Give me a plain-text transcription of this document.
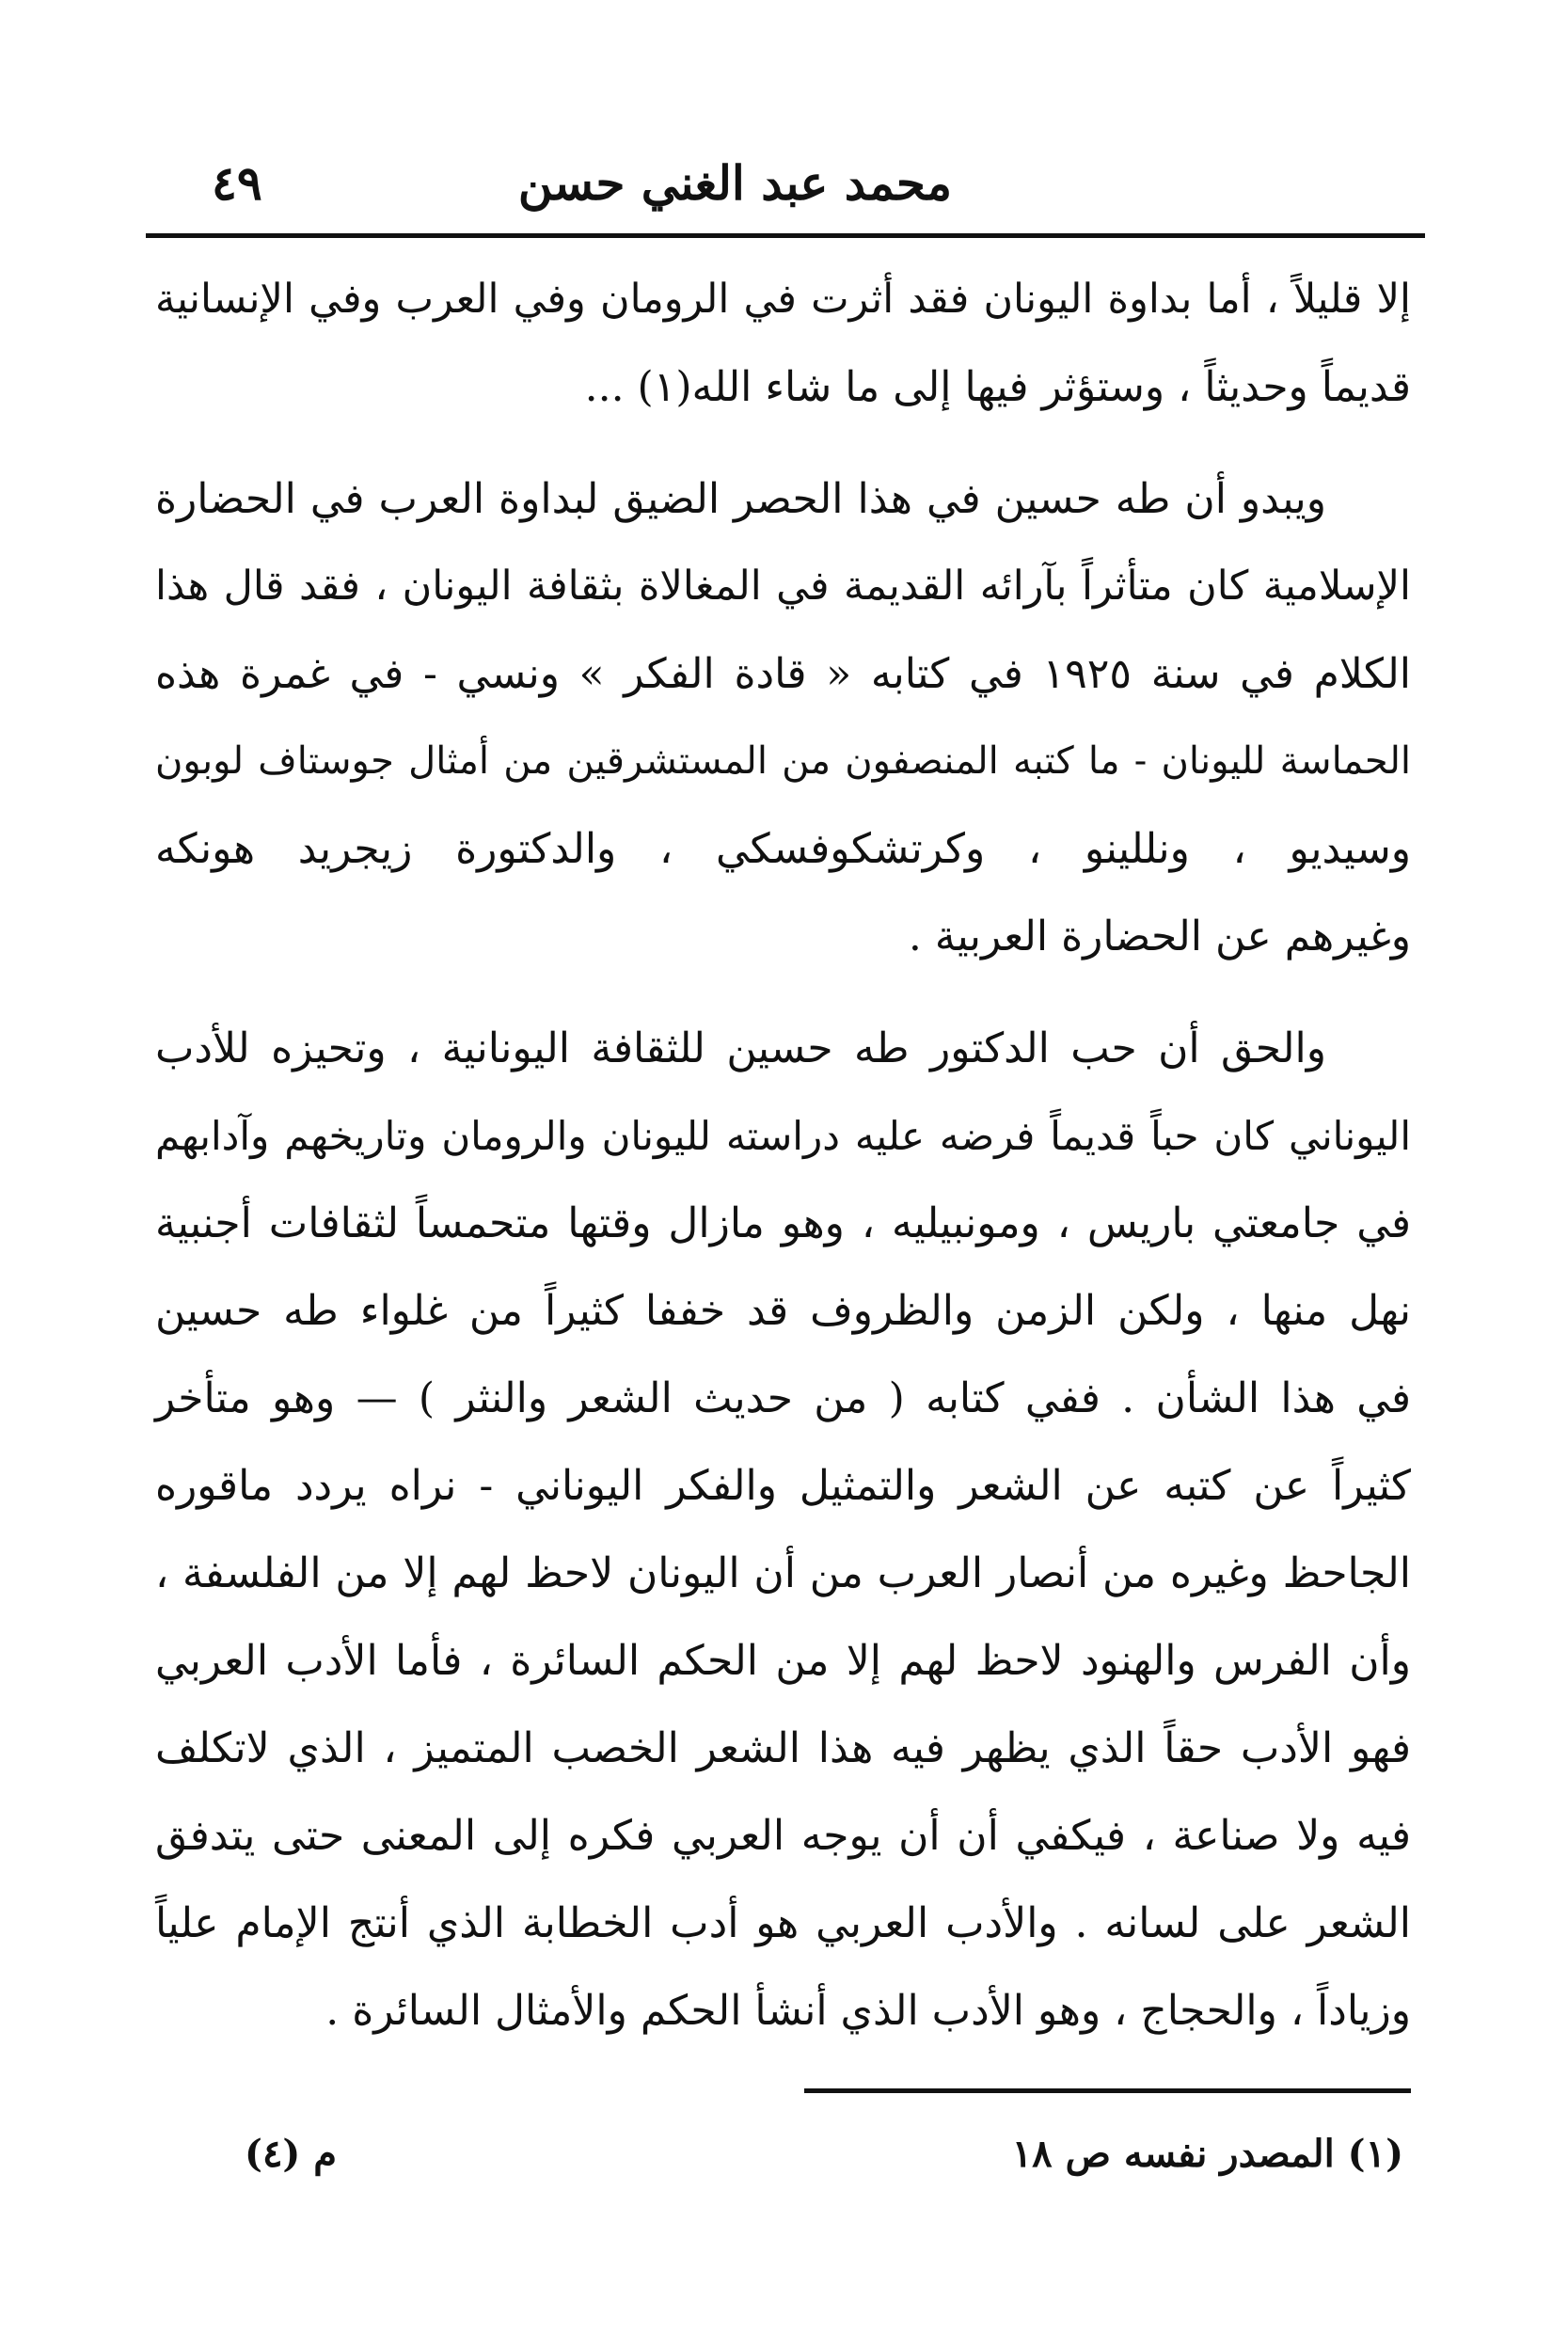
محمد عبد الغني حسن
٤٩

إلا قليلاً ، أما بداوة اليونان فقد أثرت في الرومان وفي العرب وفي الإنسانية
قديماً وحديثاً ، وستؤثر فيها إلى ما شاء الله(١) ...

ويبدو أن طه حسين في هذا الحصر الضيق لبداوة العرب في الحضارة
الإسلامية كان متأثراً بآرائه القديمة في المغالاة بثقافة اليونان ، فقد قال هذا
الكلام في سنة ١٩٢٥ في كتابه « قادة الفكر » ونسي - في غمرة هذه
الحماسة لليونان - ما كتبه المنصفون من المستشرقين من أمثال جوستاف لوبون
وسيديو ، ونللينو ، وكرتشكوفسكي ، والدكتورة زيجريد هونكه
وغيرهم عن الحضارة العربية .

والحق أن حب الدكتور طه حسين للثقافة اليونانية ، وتحيزه للأدب
اليوناني كان حباً قديماً فرضه عليه دراسته لليونان والرومان وتاريخهم وآدابهم
في جامعتي باريس ، ومونبيليه ، وهو مازال وقتها متحمساً لثقافات أجنبية
نهل منها ، ولكن الزمن والظروف قد خففا كثيراً من غلواء طه حسين
في هذا الشأن . ففي كتابه ( من حديث الشعر والنثر ) — وهو متأخر
كثيراً عن كتبه عن الشعر والتمثيل والفكر اليوناني - نراه يردد ماقوره
الجاحظ وغيره من أنصار العرب من أن اليونان لاحظ لهم إلا من الفلسفة ،
وأن الفرس والهنود لاحظ لهم إلا من الحكم السائرة ، فأما الأدب العربي
فهو الأدب حقاً الذي يظهر فيه هذا الشعر الخصب المتميز ، الذي لاتكلف
فيه ولا صناعة ، فيكفي أن أن يوجه العربي فكره إلى المعنى حتى يتدفق
الشعر على لسانه . والأدب العربي هو أدب الخطابة الذي أنتج الإمام علياً
وزياداً ، والحجاج ، وهو الأدب الذي أنشأ الحكم والأمثال السائرة .

(١) المصدر نفسه ص ١٨
م (٤)
